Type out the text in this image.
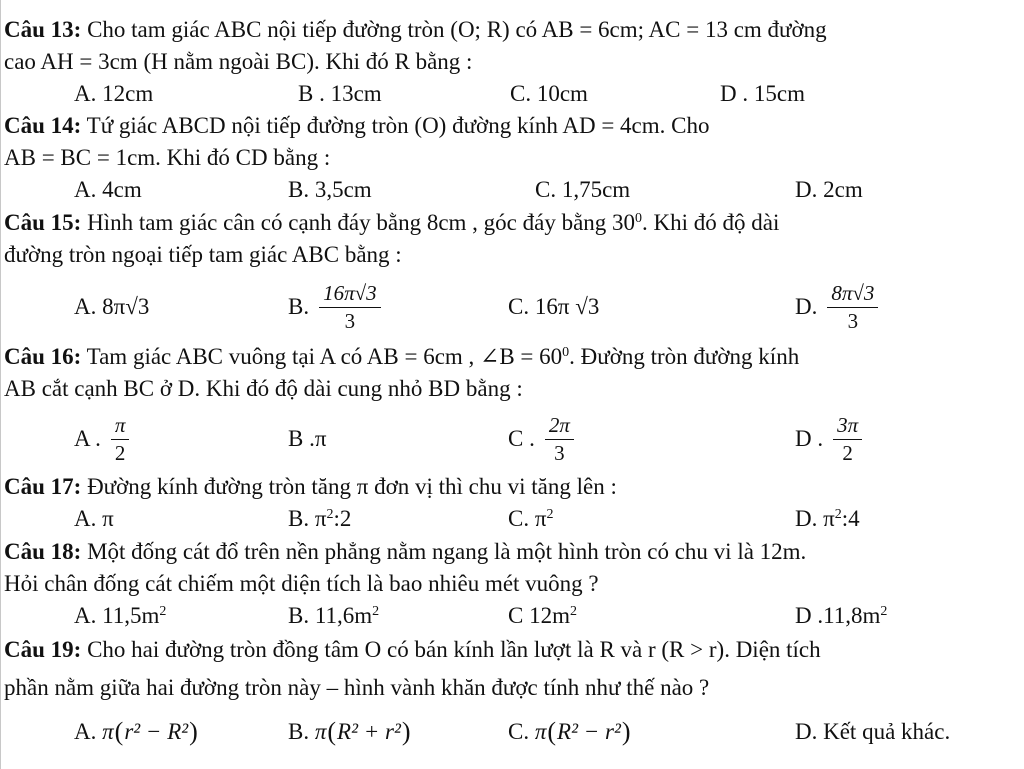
Câu 13: Cho tam giác ABC nội tiếp đường tròn (O; R) có AB = 6cm; AC = 13 cm đường
cao AH = 3cm (H nằm ngoài BC). Khi đó R bằng :
A. 12cm	B . 13cm	C. 10cm	D . 15cm
Câu 14: Tứ giác ABCD nội tiếp đường tròn (O) đường kính AD = 4cm. Cho
AB = BC = 1cm. Khi đó CD bằng :
A. 4cm	B. 3,5cm	C. 1,75cm	D. 2cm
Câu 15: Hình tam giác cân có cạnh đáy bằng 8cm , góc đáy bằng $30^0$. Khi đó độ dài
đường tròn ngoại tiếp tam giác ABC bằng :
A. 8π√3	B. $\frac{16\pi√3}{3}$	C. 16π √3	D. $\frac{8\pi√3}{3}$
Câu 16: Tam giác ABC vuông tại A có AB = 6cm , ∠B = $60^0$. Đường tròn đường kính
AB cắt cạnh BC ở D. Khi đó độ dài cung nhỏ BD bằng :
A . $\frac{\pi}{2}$	B .π	C . $\frac{2\pi}{3}$	D . $\frac{3\pi}{2}$
Câu 17: Đường kính đường tròn tăng π đơn vị thì chu vi tăng lên :
A. π	B. π 2 :2	C. π 2	D. π 2 :4
Câu 18: Một đống cát đổ trên nền phẳng nằm ngang là một hình tròn có chu vi là 12m.
Hỏi chân đống cát chiếm một diện tích là bao nhiêu mét vuông ?
A. 11,5m 2	B. 11,6m 2	C 12m 2	D .11,8m 2
Câu 19: Cho hai đường tròn đồng tâm O có bán kính lần lượt là R và r (R > r). Diện tích
phần nằm giữa hai đường tròn này – hình vành khăn được tính như thế nào ?
A.
π ( r² − R² )	B.
π ( R² + r² )	C.
π ( R² − r² )	D. Kết quả khác.
